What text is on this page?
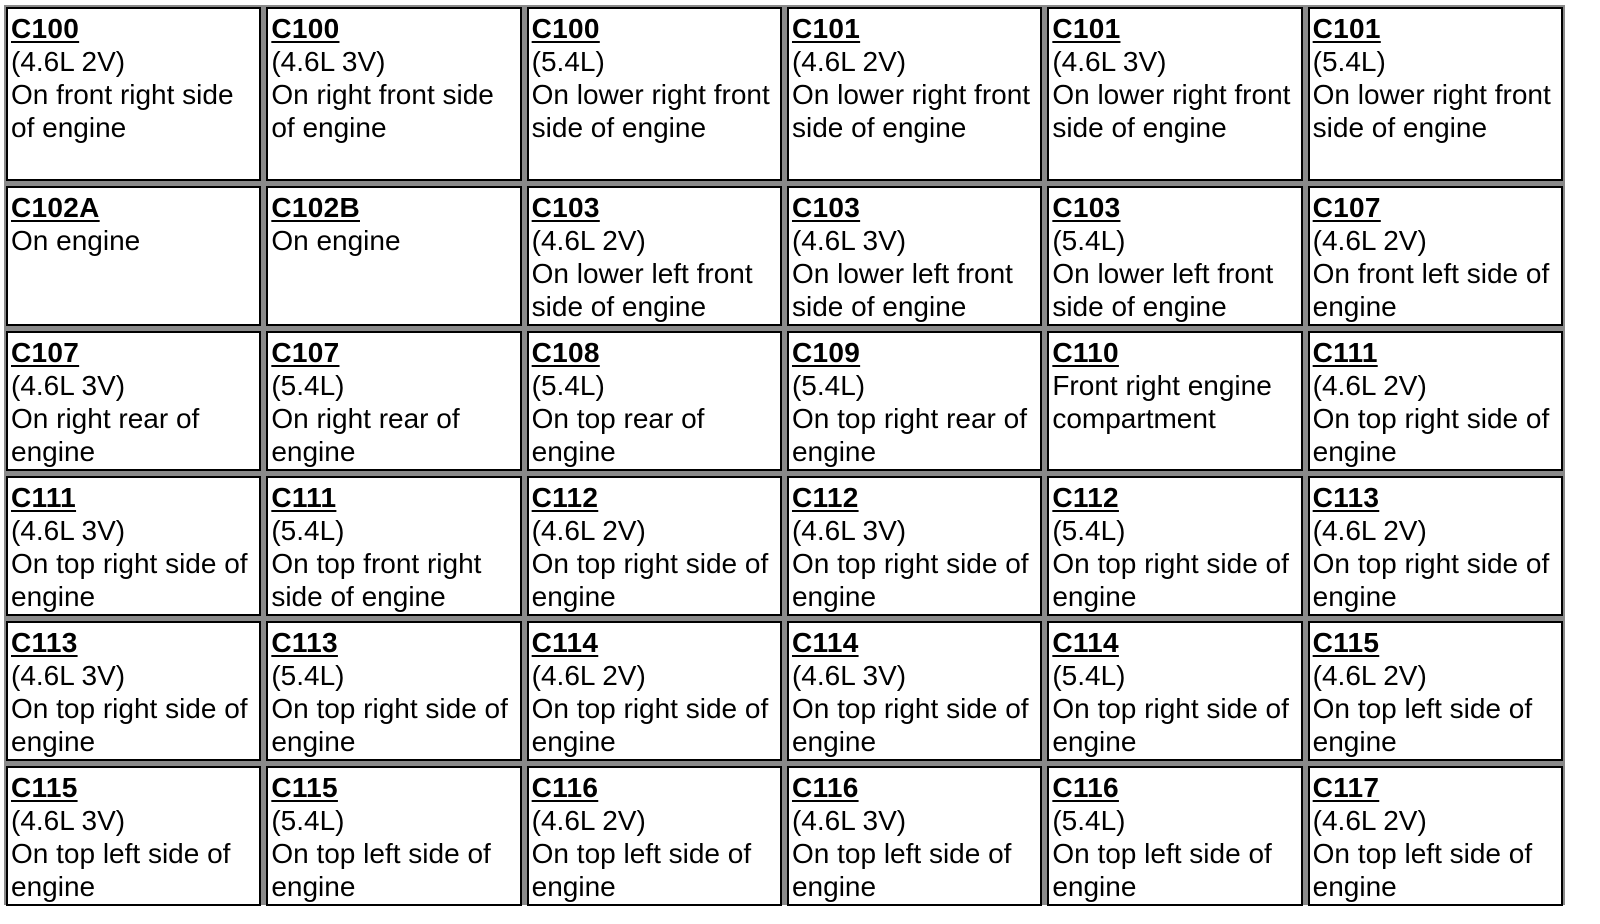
C100
(4.6L 2V)
On front right side of engine
C100
(4.6L 3V)
On right front side of engine
C100
(5.4L)
On lower right front side of engine
C101
(4.6L 2V)
On lower right front side of engine
C101
(4.6L 3V)
On lower right front side of engine
C101
(5.4L)
On lower right front side of engine
C102A
On engine
C102B
On engine
C103
(4.6L 2V)
On lower left front side of engine
C103
(4.6L 3V)
On lower left front side of engine
C103
(5.4L)
On lower left front side of engine
C107
(4.6L 2V)
On front left side of engine
C107
(4.6L 3V)
On right rear of engine
C107
(5.4L)
On right rear of engine
C108
(5.4L)
On top rear of engine
C109
(5.4L)
On top right rear of engine
C110
Front right engine compartment
C111
(4.6L 2V)
On top right side of engine
C111
(4.6L 3V)
On top right side of engine
C111
(5.4L)
On top front right side of engine
C112
(4.6L 2V)
On top right side of engine
C112
(4.6L 3V)
On top right side of engine
C112
(5.4L)
On top right side of engine
C113
(4.6L 2V)
On top right side of engine
C113
(4.6L 3V)
On top right side of engine
C113
(5.4L)
On top right side of engine
C114
(4.6L 2V)
On top right side of engine
C114
(4.6L 3V)
On top right side of engine
C114
(5.4L)
On top right side of engine
C115
(4.6L 2V)
On top left side of engine
C115
(4.6L 3V)
On top left side of engine
C115
(5.4L)
On top left side of engine
C116
(4.6L 2V)
On top left side of engine
C116
(4.6L 3V)
On top left side of engine
C116
(5.4L)
On top left side of engine
C117
(4.6L 2V)
On top left side of engine
